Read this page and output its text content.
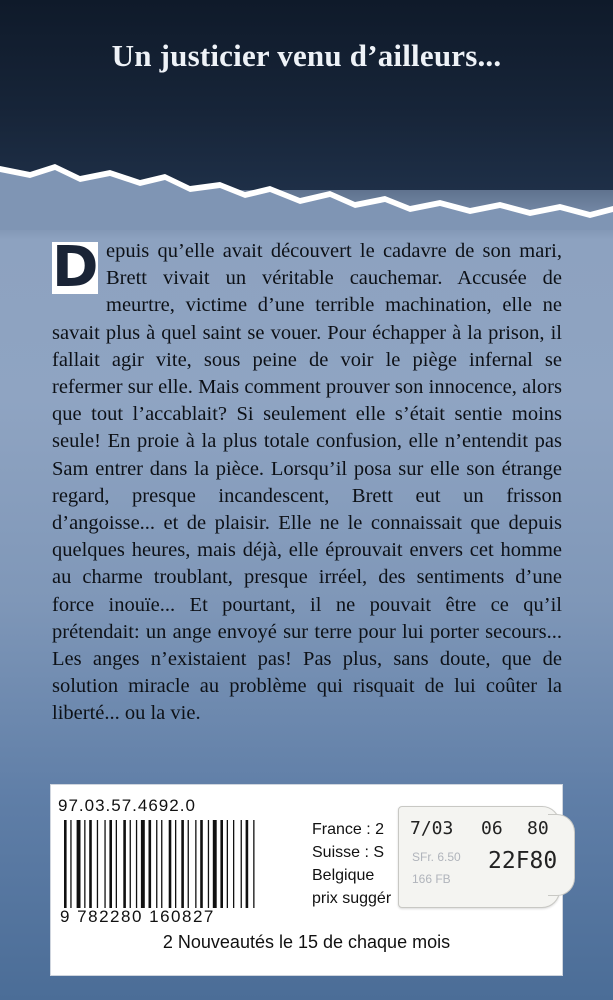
Un justicier venu d’ailleurs...
D epuis qu’elle avait découvert le cadavre de son mari, Brett vivait un véritable cauchemar. Accusée de meurtre, victime d’une terrible machination, elle ne savait plus à quel saint se vouer. Pour échapper à la prison, il fallait agir vite, sous peine de voir le piège infernal se refermer sur elle. Mais comment prouver son innocence, alors que tout l’accablait? Si seulement elle s’était sentie moins seule! En proie à la plus totale confusion, elle n’entendit pas Sam entrer dans la pièce. Lorsqu’il posa sur elle son étrange regard, presque incandescent, Brett eut un frisson d’angoisse... et de plaisir. Elle ne le connaissait que depuis quelques heures, mais déjà, elle éprouvait envers cet homme au charme troublant, presque irréel, des sentiments d’une force inouïe... Et pourtant, il ne pouvait être ce qu’il prétendait: un ange envoyé sur terre pour lui porter secours... Les anges n’existaient pas! Pas plus, sans doute, que de solution miracle au problème qui risquait de lui coûter la liberté... ou la vie.
97.03.57.4692.0
9 782280 160827
France : 2
Suisse : S
Belgique
prix suggér
SFr. 6.50
166 FB
7/03 06 80
22F80
2 Nouveautés le 15 de chaque mois
